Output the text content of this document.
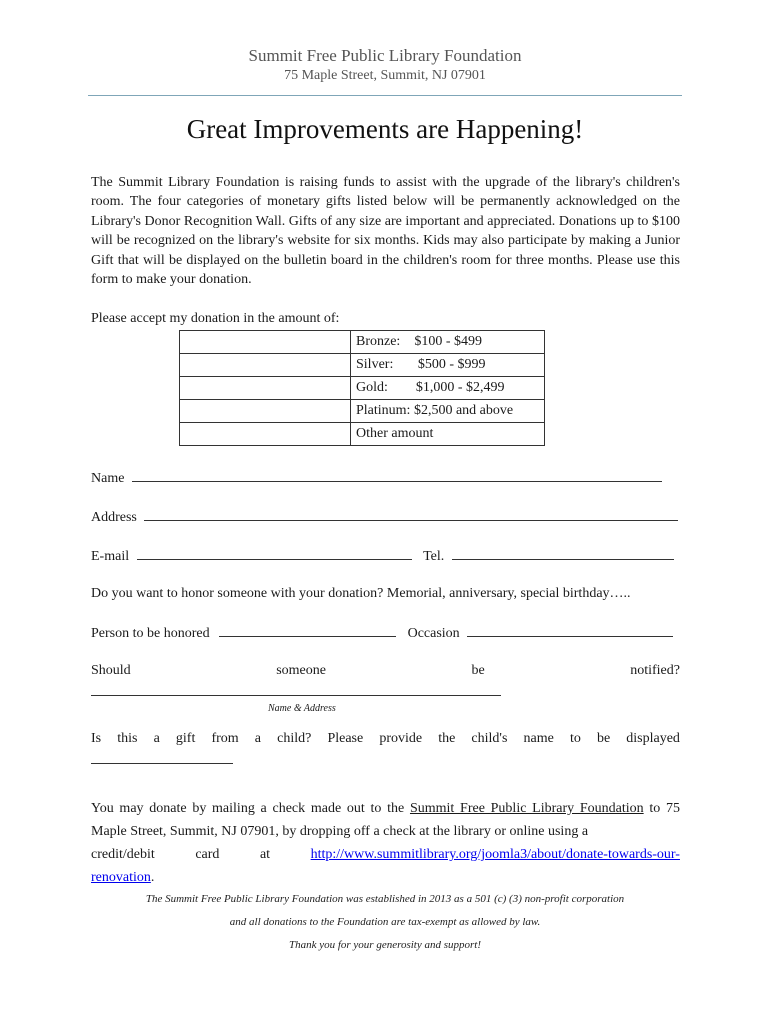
Summit Free Public Library Foundation
75 Maple Street, Summit, NJ 07901
Great Improvements are Happening!
The Summit Library Foundation is raising funds to assist with the upgrade of the library's children's room. The four categories of monetary gifts listed below will be permanently acknowledged on the Library's Donor Recognition Wall. Gifts of any size are important and appreciated. Donations up to $100 will be recognized on the library's website for six months. Kids may also participate by making a Junior Gift that will be displayed on the bulletin board in the children's room for three months. Please use this form to make your donation.
Please accept my donation in the amount of:
	Bronze:    $100 - $499
	Silver:       $500 - $999
	Gold:        $1,000 - $2,499
	Platinum: $2,500 and above
	Other amount
Name
Address
E-mail	Tel.
Do you want to honor someone with your donation? Memorial, anniversary, special birthday…..
Person to be honored	Occasion
Should	someone	be	notified?
Name & Address
Is this a gift from a child? Please provide the child's name to be displayed
You may donate by mailing a check made out to the Summit Free Public Library Foundation to 75 Maple Street, Summit, NJ 07901, by dropping off a check at the library or online using a
credit/debit	card	at	http://www.summitlibrary.org/joomla3/about/donate-towards-our-
renovation.
The Summit Free Public Library Foundation was established in 2013 as a 501 (c) (3) non-profit corporation
and all donations to the Foundation are tax-exempt as allowed by law.
Thank you for your generosity and support!
